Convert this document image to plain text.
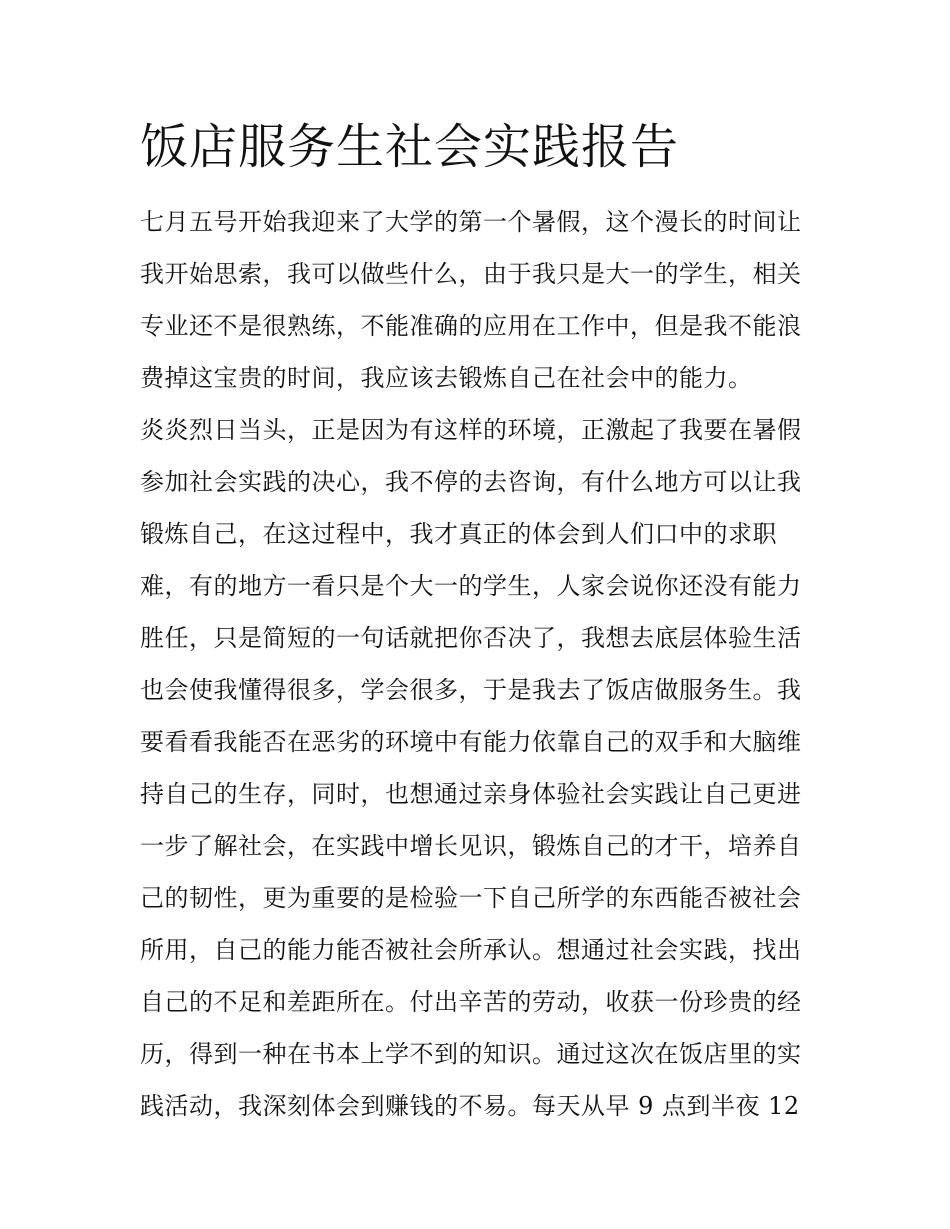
饭店服务生社会实践报告
七月五号开始我迎来了大学的第一个暑假，这个漫长的时间让
我开始思索，我可以做些什么，由于我只是大一的学生，相关
专业还不是很熟练，不能准确的应用在工作中，但是我不能浪
费掉这宝贵的时间，我应该去锻炼自己在社会中的能力。
炎炎烈日当头，正是因为有这样的环境，正激起了我要在暑假
参加社会实践的决心，我不停的去咨询，有什么地方可以让我
锻炼自己，在这过程中，我才真正的体会到人们口中的求职
难，有的地方一看只是个大一的学生，人家会说你还没有能力
胜任，只是简短的一句话就把你否决了，我想去底层体验生活
也会使我懂得很多，学会很多，于是我去了饭店做服务生。我
要看看我能否在恶劣的环境中有能力依靠自己的双手和大脑维
持自己的生存，同时，也想通过亲身体验社会实践让自己更进
一步了解社会，在实践中增长见识，锻炼自己的才干，培养自
己的韧性，更为重要的是检验一下自己所学的东西能否被社会
所用，自己的能力能否被社会所承认。想通过社会实践，找出
自己的不足和差距所在。付出辛苦的劳动，收获一份珍贵的经
历，得到一种在书本上学不到的知识。通过这次在饭店里的实
践活动，我深刻体会到赚钱的不易。每天从早 9 点到半夜 12
